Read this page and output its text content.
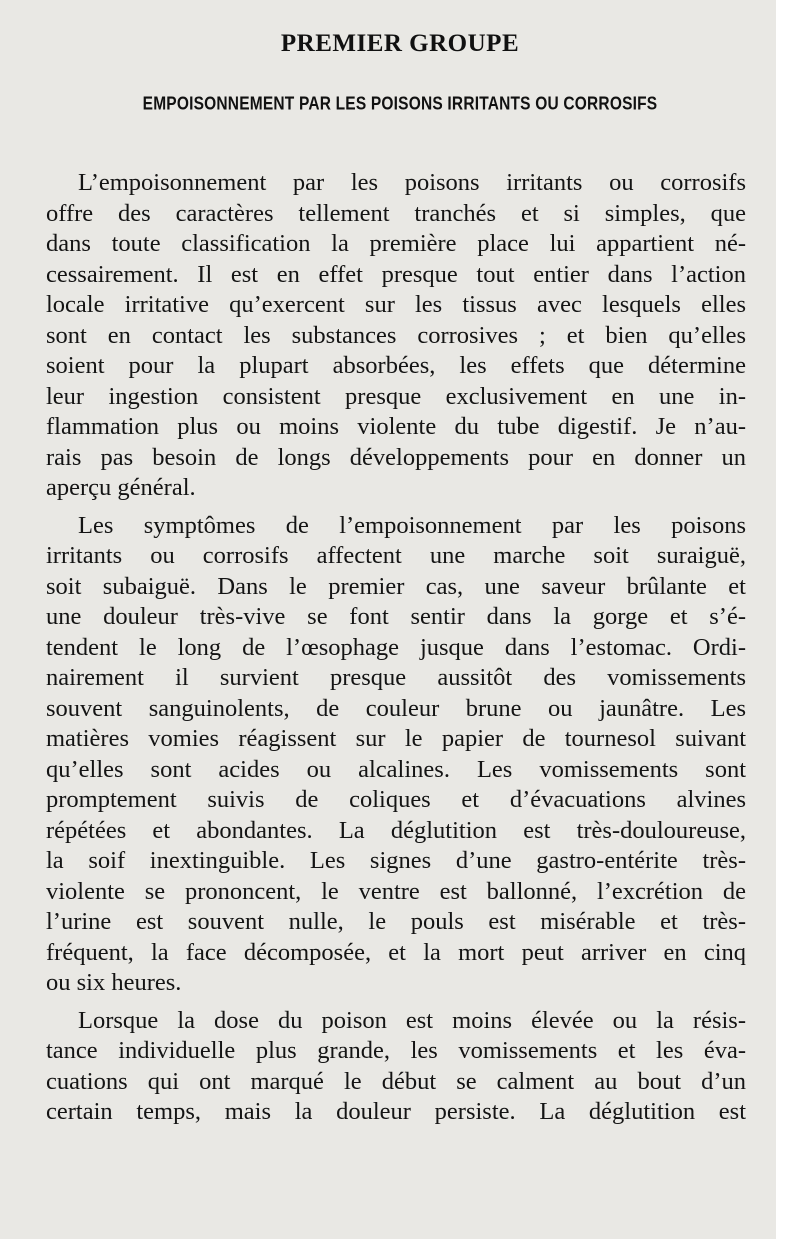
PREMIER GROUPE
EMPOISONNEMENT PAR LES POISONS IRRITANTS OU CORROSIFS
L’empoisonnement par les poisons irritants ou corrosifs
offre des caractères tellement tranchés et si simples, que
dans toute classification la première place lui appartient né-
cessairement. Il est en effet presque tout entier dans l’action
locale irritative qu’exercent sur les tissus avec lesquels elles
sont en contact les substances corrosives ; et bien qu’elles
soient pour la plupart absorbées, les effets que détermine
leur ingestion consistent presque exclusivement en une in-
flammation plus ou moins violente du tube digestif. Je n’au-
rais pas besoin de longs développements pour en donner un
aperçu général.
Les symptômes de l’empoisonnement par les poisons
irritants ou corrosifs affectent une marche soit suraiguë,
soit subaiguë. Dans le premier cas, une saveur brûlante et
une douleur très-vive se font sentir dans la gorge et s’é-
tendent le long de l’œsophage jusque dans l’estomac. Ordi-
nairement il survient presque aussitôt des vomissements
souvent sanguinolents, de couleur brune ou jaunâtre. Les
matières vomies réagissent sur le papier de tournesol suivant
qu’elles sont acides ou alcalines. Les vomissements sont
promptement suivis de coliques et d’évacuations alvines
répétées et abondantes. La déglutition est très-douloureuse,
la soif inextinguible. Les signes d’une gastro-entérite très-
violente se prononcent, le ventre est ballonné, l’excrétion de
l’urine est souvent nulle, le pouls est misérable et très-
fréquent, la face décomposée, et la mort peut arriver en cinq
ou six heures.
Lorsque la dose du poison est moins élevée ou la résis-
tance individuelle plus grande, les vomissements et les éva-
cuations qui ont marqué le début se calment au bout d’un
certain temps, mais la douleur persiste. La déglutition est
